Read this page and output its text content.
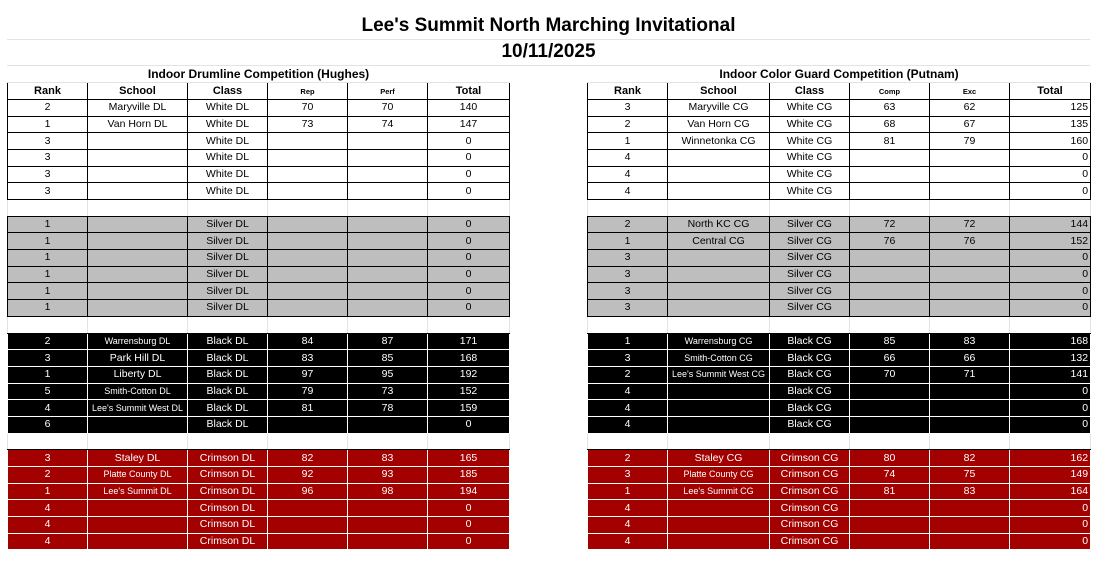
Lee's Summit North Marching Invitational
10/11/2025
Indoor Drumline Competition (Hughes)					
Rank	School	Class	Rep	Perf	Total
2	Maryville DL	White DL	70	70	140
1	Van Horn DL	White DL	73	74	147
3		White DL			0
3		White DL			0
3		White DL			0
3		White DL			0

1		Silver DL			0
1		Silver DL			0
1		Silver DL			0
1		Silver DL			0
1		Silver DL			0
1		Silver DL			0

2	Warrensburg DL	Black DL	84	87	171
3	Park Hill DL	Black DL	83	85	168
1	Liberty DL	Black DL	97	95	192
5	Smith-Cotton DL	Black DL	79	73	152
4	Lee's Summit West DL	Black DL	81	78	159
6		Black DL			0

3	Staley DL	Crimson DL	82	83	165
2	Platte County DL	Crimson DL	92	93	185
1	Lee's Summit DL	Crimson DL	96	98	194
4		Crimson DL			0
4		Crimson DL			0
4		Crimson DL			0
Indoor Color Guard Competition (Putnam)					
Rank	School	Class	Comp	Exc	Total
3	Maryville CG	White CG	63	62	125
2	Van Horn CG	White CG	68	67	135
1	Winnetonka CG	White CG	81	79	160
4		White CG			0
4		White CG			0
4		White CG			0

2	North KC CG	Silver CG	72	72	144
1	Central CG	Silver CG	76	76	152
3		Silver CG			0
3		Silver CG			0
3		Silver CG			0
3		Silver CG			0

1	Warrensburg CG	Black CG	85	83	168
3	Smith-Cotton CG	Black CG	66	66	132
2	Lee's Summit West CG	Black CG	70	71	141
4		Black CG			0
4		Black CG			0
4		Black CG			0

2	Staley CG	Crimson CG	80	82	162
3	Platte County CG	Crimson CG	74	75	149
1	Lee's Summit CG	Crimson CG	81	83	164
4		Crimson CG			0
4		Crimson CG			0
4		Crimson CG			0
